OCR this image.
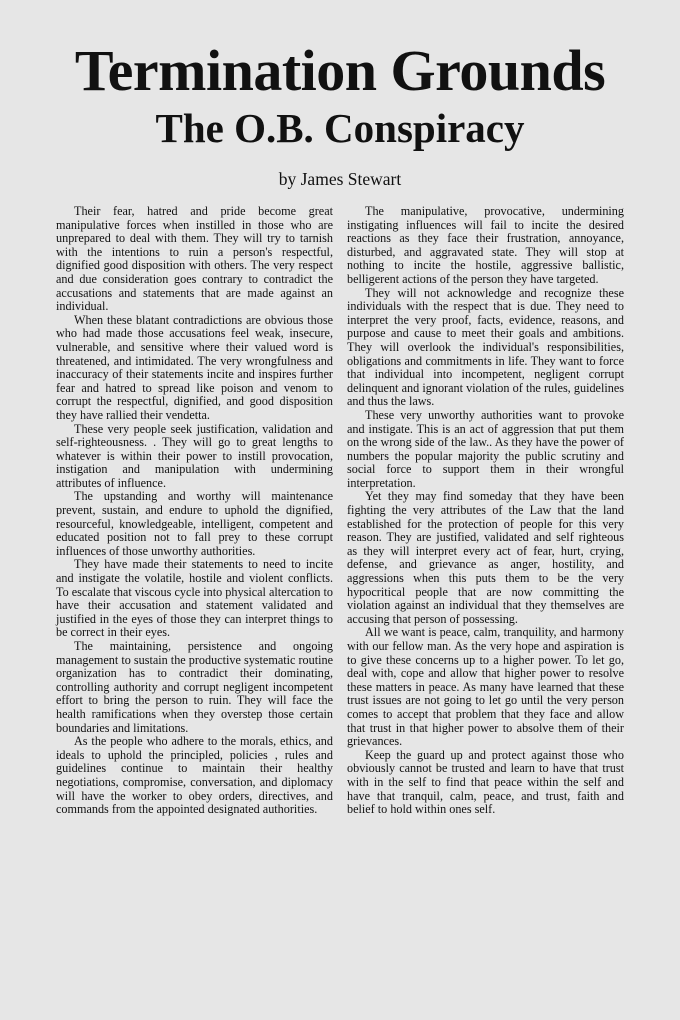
Termination Grounds
The O.B. Conspiracy
by James Stewart

Their fear, hatred and pride become great manipulative forces when instilled in those who are unprepared to deal with them. They will try to tarnish with the intentions to ruin a person's respectful, dignified good disposition with others. The very respect and due consideration goes contrary to contradict the accusations and statements that are made against an individual.

When these blatant contradictions are obvious those who had made those accusations feel weak, insecure, vulnerable, and sensitive where their valued word is threatened, and intimidated. The very wrongfulness and inaccuracy of their statements incite and inspires further fear and hatred to spread like poison and venom to corrupt the respectful, dignified, and good disposition they have rallied their vendetta.

These very people seek justification, validation and self-righteousness. . They will go to great lengths to whatever is within their power to instill provocation, instigation and manipulation with undermining attributes of influence.

The upstanding and worthy will maintenance prevent, sustain, and endure to uphold the dignified, resourceful, knowledgeable, intelligent, competent and educated position not to fall prey to these corrupt influences of those unworthy authorities.

They have made their statements to need to incite and instigate the volatile, hostile and violent conflicts. To escalate that viscous cycle into physical altercation to have their accusation and statement validated and justified in the eyes of those they can interpret things to be correct in their eyes.

The maintaining, persistence and ongoing management to sustain the productive systematic routine organization has to contradict their dominating, controlling authority and corrupt negligent incompetent effort to bring the person to ruin. They will face the health ramifications when they overstep those certain boundaries and limitations.

As the people who adhere to the morals, ethics, and ideals to uphold the principled, policies , rules and guidelines continue to maintain their healthy negotiations, compromise, conversation, and diplomacy will have the worker to obey orders, directives, and commands from the appointed designated authorities.

The manipulative, provocative, undermining instigating influences will fail to incite the desired reactions as they face their frustration, annoyance, disturbed, and aggravated state. They will stop at nothing to incite the hostile, aggressive ballistic, belligerent actions of the person they have targeted.

They will not acknowledge and recognize these individuals with the respect that is due. They need to interpret the very proof, facts, evidence, reasons, and purpose and cause to meet their goals and ambitions. They will overlook the individual's responsibilities, obligations and commitments in life. They want to force that individual into incompetent, negligent corrupt delinquent and ignorant violation of the rules, guidelines and thus the laws.

These very unworthy authorities want to provoke and instigate. This is an act of aggression that put them on the wrong side of the law.. As they have the power of numbers the popular majority the public scrutiny and social force to support them in their wrongful interpretation.

Yet they may find someday that they have been fighting the very attributes of the Law that the land established for the protection of people for this very reason. They are justified, validated and self righteous as they will interpret every act of fear, hurt, crying, defense, and grievance as anger, hostility, and aggressions when this puts them to be the very hypocritical people that are now committing the violation against an individual that they themselves are accusing that person of possessing.

All we want is peace, calm, tranquility, and harmony with our fellow man. As the very hope and aspiration is to give these concerns up to a higher power. To let go, deal with, cope and allow that higher power to resolve these matters in peace. As many have learned that these trust issues are not going to let go until the very person comes to accept that problem that they face and allow that trust in that higher power to absolve them of their grievances.

Keep the guard up and protect against those who obviously cannot be trusted and learn to have that trust with in the self to find that peace within the self and have that tranquil, calm, peace, and trust, faith and belief to hold within ones self.
